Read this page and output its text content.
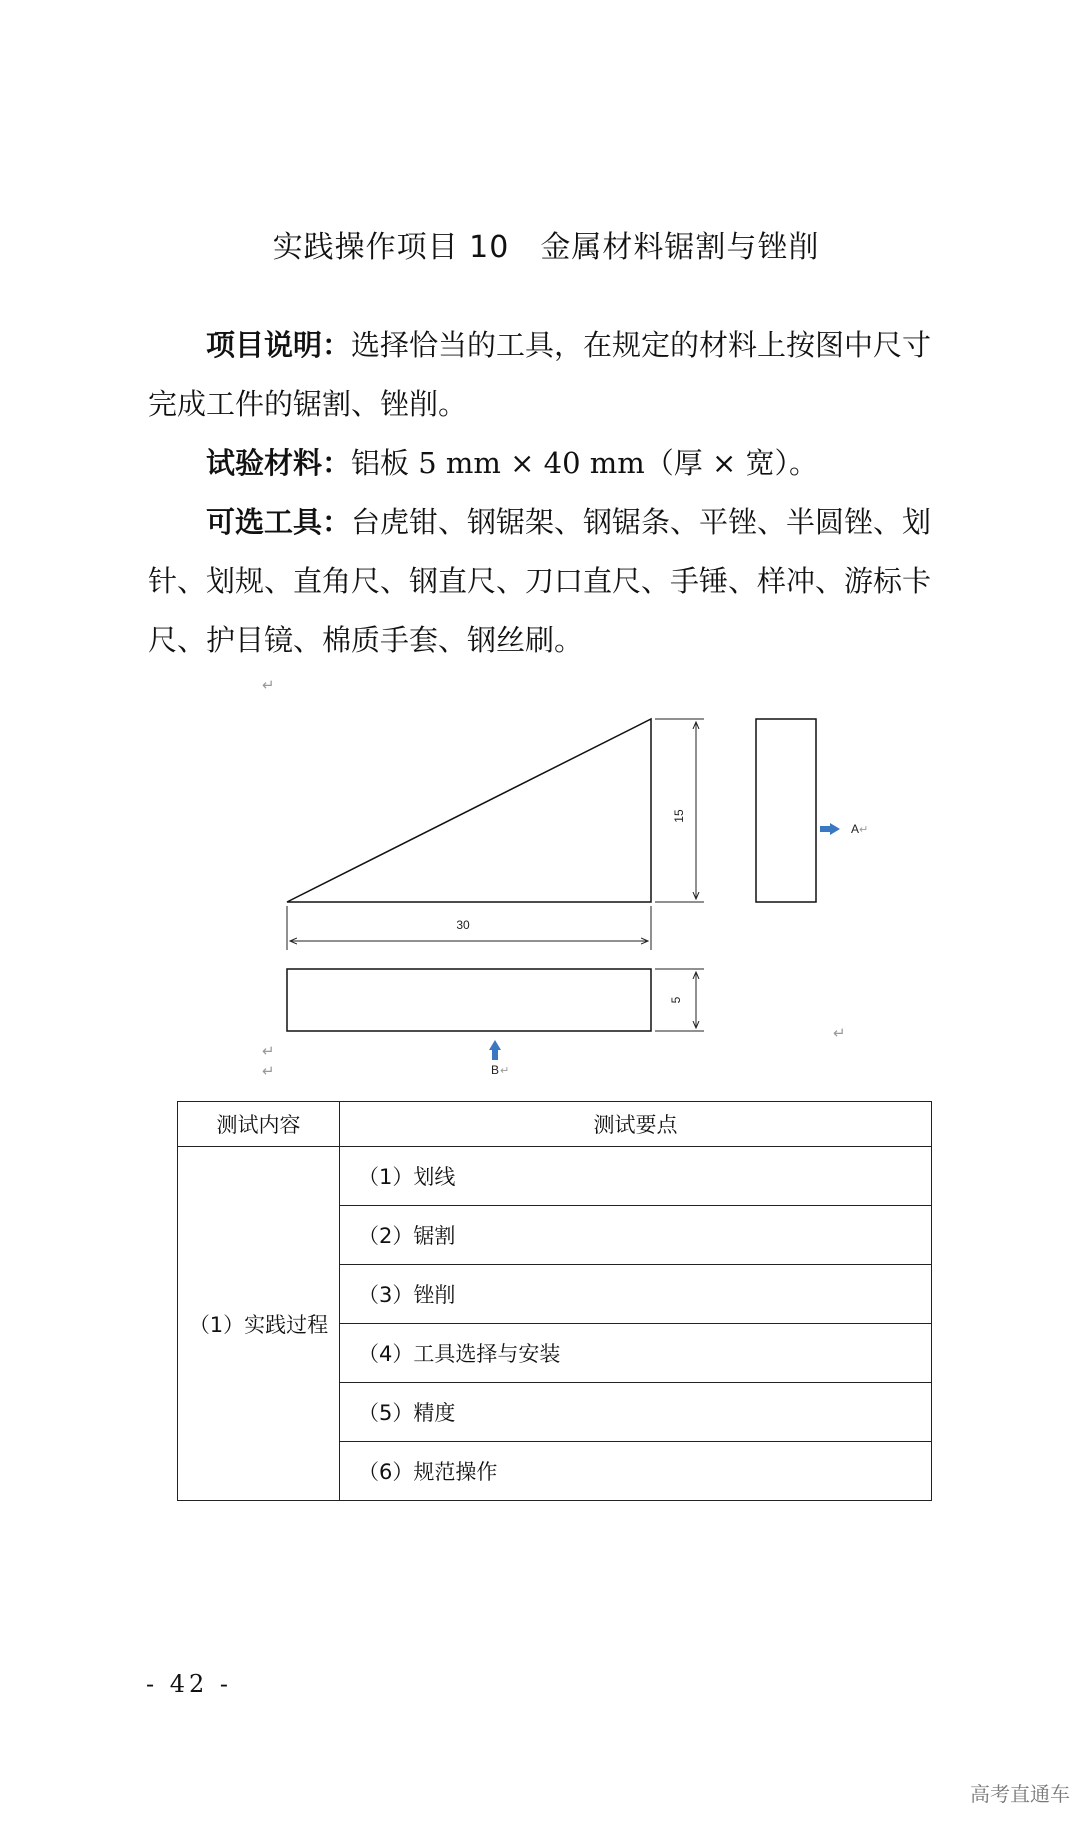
实践操作项目 10　金属材料锯割与锉削
项目说明：选择恰当的工具，在规定的材料上按图中尺寸完成工件的锯割、锉削。
试验材料：铝板 5 mm × 40 mm（厚 × 宽）。
可选工具：台虎钳、钢锯架、钢锯条、平锉、半圆锉、划针、划规、直角尺、钢直尺、刀口直尺、手锤、样冲、游标卡尺、护目镜、棉质手套、钢丝刷。
↵
↵
↵
↵
15
30
A ↵
5
B ↵
测试内容	测试要点
（1）实践过程	（1）划线
	（2）锯割
	（3）锉削
	（4）工具选择与安装
	（5）精度
	（6）规范操作
- 42 -
高考直通车
